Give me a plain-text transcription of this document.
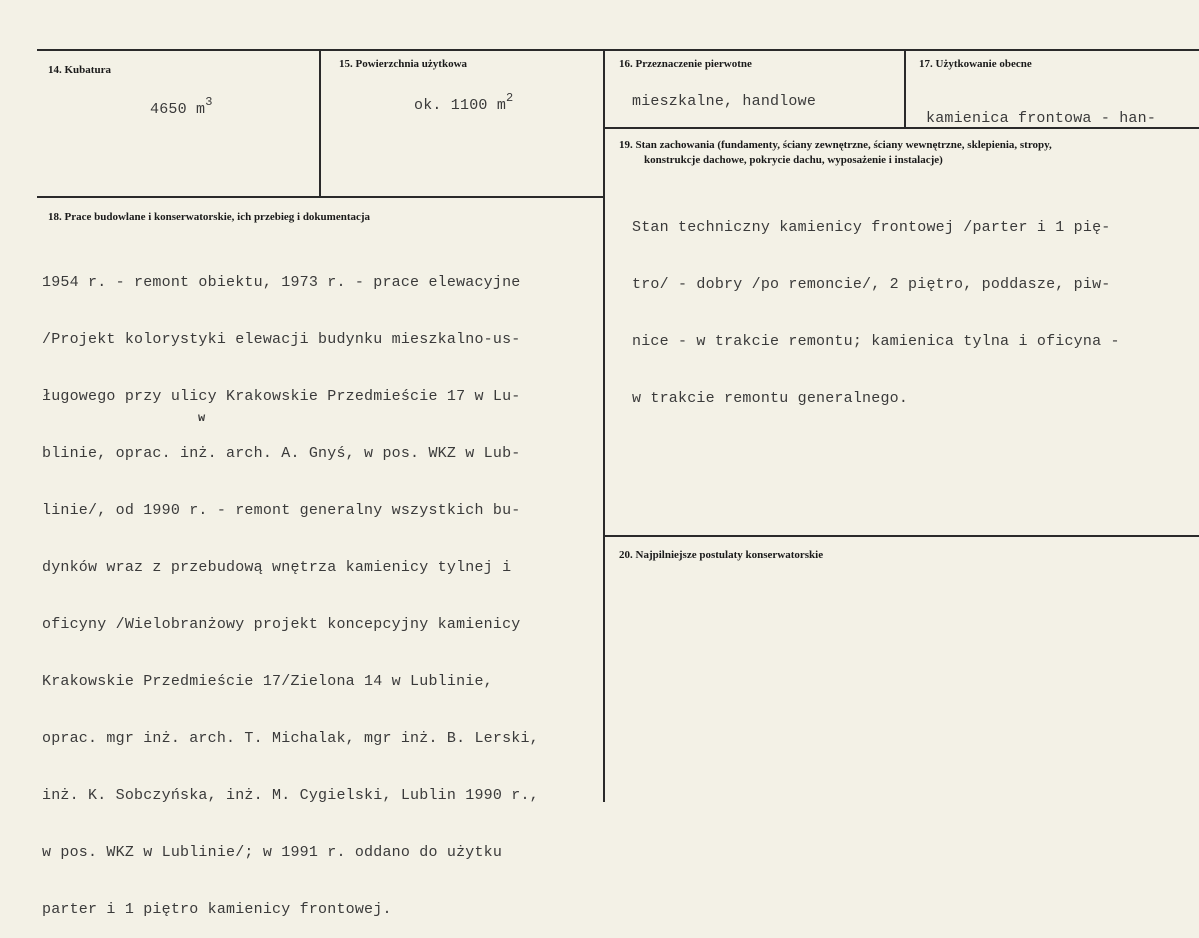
14. Kubatura
4650 $m^3$
15. Powierzchnia użytkowa
ok. 1100 $m^2$
16. Przeznaczenie pierwotne
mieszkalne, handlowe
17. Użytkowanie obecne

kamienica frontowa - han-

18. Prace budowlane i konserwatorskie, ich przebieg i dokumentacja

1954 r. - remont obiektu, 1973 r. - prace elewacyjne

/Projekt kolorystyki elewacji budynku mieszkalno-us-

ługowego przy ulicy Krakowskie Przedmieście 17 w Lu-

blinie, oprac. inż. arch. A. Gnyś, w pos. WKZ w Lub-

linie/, od 1990 r. - remont generalny wszystkich bu-

dynków wraz z przebudową wnętrza kamienicy tylnej i

oficyny /Wielobranżowy projekt koncepcyjny kamienicy

Krakowskie Przedmieście 17/Zielona 14 w Lublinie,

oprac. mgr inż. arch. T. Michalak, mgr inż. B. Lerski,

inż. K. Sobczyńska, inż. M. Cygielski, Lublin 1990 r.,

w pos. WKZ w Lublinie/; w 1991 r. oddano do użytku

parter i 1 piętro kamienicy frontowej.

w
19. Stan zachowania (fundamenty, ściany zewnętrzne, ściany wewnętrzne, sklepienia, stropy,
konstrukcje dachowe, pokrycie dachu, wyposażenie i instalacje)

Stan techniczny kamienicy frontowej /parter i 1 pię-

tro/ - dobry /po remoncie/, 2 piętro, poddasze, piw-

nice - w trakcie remontu; kamienica tylna i oficyna -

w trakcie remontu generalnego.

20. Najpilniejsze postulaty konserwatorskie
